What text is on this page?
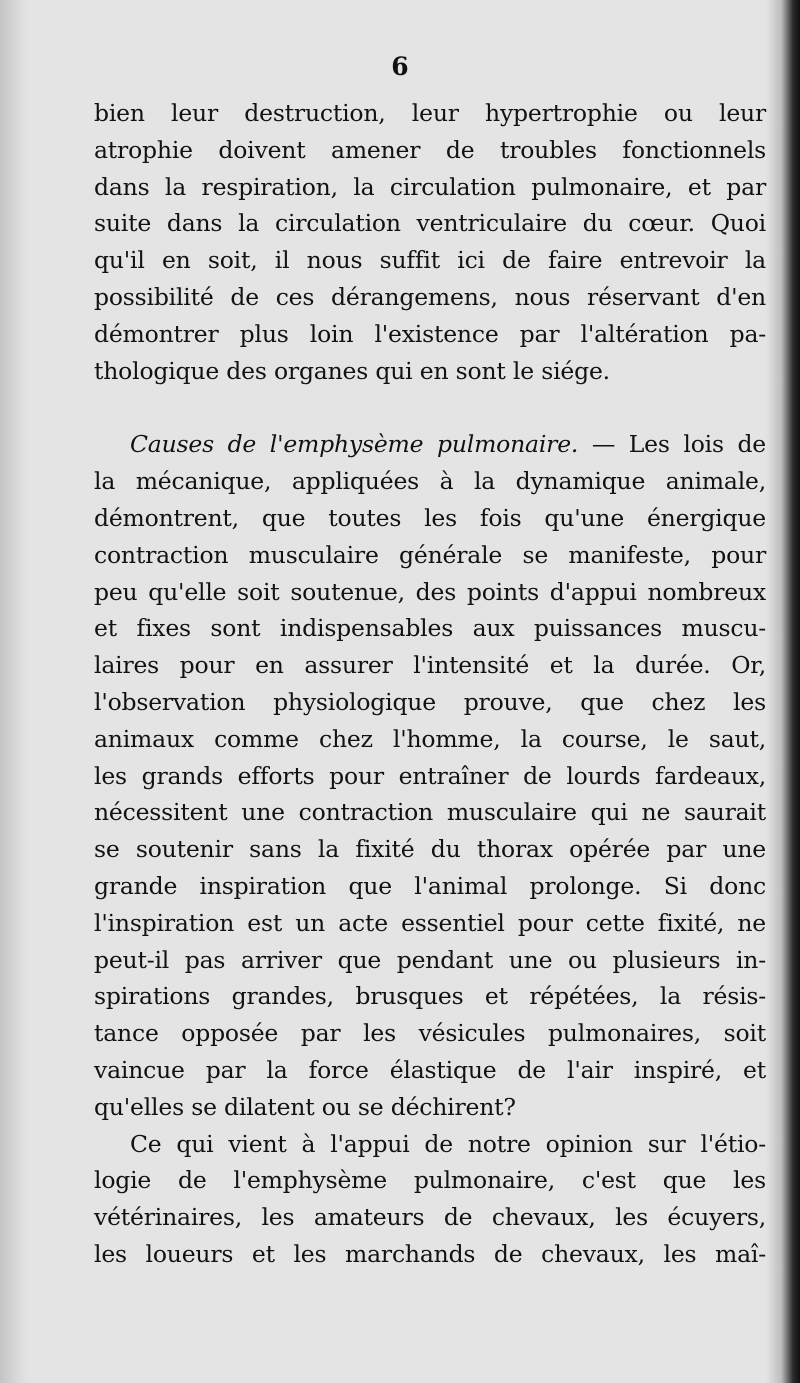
6
bien leur destruction, leur hypertrophie ou leur
atrophie doivent amener de troubles fonctionnels
dans la respiration, la circulation pulmonaire, et par
suite dans la circulation ventriculaire du cœur. Quoi
qu'il en soit, il nous suffit ici de faire entrevoir la
possibilité de ces dérangemens, nous réservant d'en
démontrer plus loin l'existence par l'altération pa-
thologique des organes qui en sont le siége.
Causes de l'emphysème pulmonaire. — Les lois de
la mécanique, appliquées à la dynamique animale,
démontrent, que toutes les fois qu'une énergique
contraction musculaire générale se manifeste, pour
peu qu'elle soit soutenue, des points d'appui nombreux
et fixes sont indispensables aux puissances muscu-
laires pour en assurer l'intensité et la durée. Or,
l'observation physiologique prouve, que chez les
animaux comme chez l'homme, la course, le saut,
les grands efforts pour entraîner de lourds fardeaux,
nécessitent une contraction musculaire qui ne saurait
se soutenir sans la fixité du thorax opérée par une
grande inspiration que l'animal prolonge. Si donc
l'inspiration est un acte essentiel pour cette fixité, ne
peut-il pas arriver que pendant une ou plusieurs in-
spirations grandes, brusques et répétées, la résis-
tance opposée par les vésicules pulmonaires, soit
vaincue par la force élastique de l'air inspiré, et
qu'elles se dilatent ou se déchirent?
Ce qui vient à l'appui de notre opinion sur l'étio-
logie de l'emphysème pulmonaire, c'est que les
vétérinaires, les amateurs de chevaux, les écuyers,
les loueurs et les marchands de chevaux, les maî-
